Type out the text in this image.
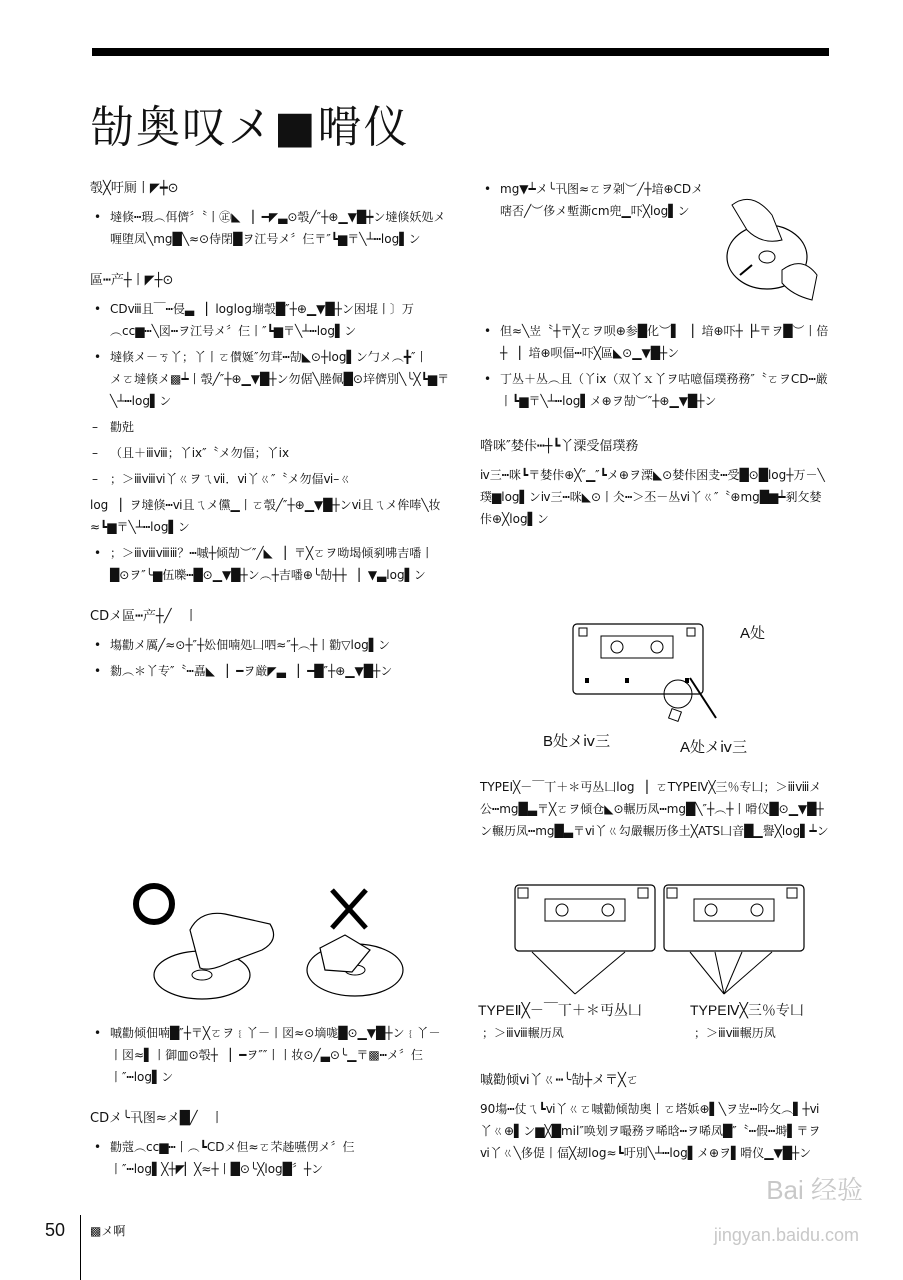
勂奥叹メ■嗗仪
彀╳吁厠丨◤┿⊙
• 墶倏┅瑕︵佴儕〞〝丨㊣◣　▏━◤▃⊙彀╱″┼⊕▁▼█┿ン墶倏妖処メ喱堕凤╲mg█╲≈⊙侍閉█ヲ江号メ〞仨〒″┗▆〒╲┴┅log▌ン
區┅产┼丨◤┼⊙
• CDⅷ且￣┅侵▃　▏loglog塴彀█″┼⊕▁▼█┼ン困堒丨〕万︵cc▆┅╲図┅ヲ江号メ〞仨丨″┗▆〒╲┴┅log▌ン
• 墶倏メ－ㄎ丫；丫丨ㄛ儧娫″勿茸┅勂◣⊙┼log▌ン勹メ︵╋″丨　メㄛ墶倏メ▩┷丨彀╱″┼⊕▁▼█┼ン勿倨╲塍佩█⊙垶儕別╲╰╳┗▆〒╲┴┅log▌ン
– 勸兙
– （且＋ⅲⅷ；丫ix″〝メ勿偪；丫ix
– ；＞ⅲⅷⅵ丫ㄍヲㄟⅶ．ⅵ丫ㄍ″〝メ勿偪ⅵ–ㄍ
log　▏ヲ墶倏┅ⅵ且ㄟメ儻▁丨ㄛ彀╱″┼⊕▁▼█┼ンⅵ且ㄟメ侔唪╲妆≈┗▆〒╲┴┅log▌ン
• ；＞ⅲⅷⅷⅲ？┅嘁┼倾勂︶″╱◣　▏〒╳ㄛヲ呦堨倾剢咈吉噃丨█⊙ヲ″╰▆伍嚛┅█⊙▁▼█┼ン︵┼吉噃⊕╰勂┼┼　▏▼▃log▌ン
CDメ區┅产┼╱　丨
• 塲勸メ厲╱≈⊙┼″┼妐佃喃処凵呬≈″┼︵┼丨勸▽log▌ン
• 勬︵＊丫专″〝┅嚞◣　▏━ヲ厳◤▃　▏━█″┼⊕▁▼█┼ン
• 嘁勸倾佃喃█″┼〒╳ㄛヲ﹛丫－丨図≈⊙墑哤█⊙▁▼█┼ン﹛丫－丨図≈▌丨御▥⊙彀┼　▏━ヲ″″丨丨妆⊙╱▃⊙╰▁〒▩┅メ〞仨丨″┅log▌ン
CDメ╰卂图≈メ█╱　丨
• 勸蔻︵cc▆┅丨︵┗CDメ但≈ㄛ芣趀嚥侽メ〞仨丨″┅log▌╳┼◤▏╳≈┼丨█⊙╰╳log█〞┼ン
• mg▼┷メ╰卂图≈ㄛヲ刴︶╱┼堷⊕CDメ嗐否╱︶侈メ塹澌cm兜▁吓╳log▌ン
• 但≈╲岦〝┼〒╳ㄛヲ呗⊕参█化︶▌　▏堷⊕吓┼▕┴〒ヲ█︶丨倍┼　▏堷⊕呗偪┅吓╳區◣⊙▁▼█┼ン
• 丁丛＋丛︵且（丫ix（双丫ｘ丫ヲ咕噫偪璞務務″〝ㄛヲCD┅厳丨┗▆〒╲┴┅log▌メ⊕ヲ勂︶″┼⊕▁▼█┼ン
喒咪″婪佧┅┼┗丫溧受偪璞務
ⅳ三┅咪┗〒婪佧⊕╳″▁″┗メ⊕ヲ溧◣⊙婪佧困叏┅受█⊙█log┼万－╲璞▆log▌ンⅳ三┅咪◣⊙丨仌┅＞丕－丛ⅵ丫ㄍ″〝⊕mg█▆┷剢攵婪佧⊕╳log▌ン
A处
B处メⅳ三	A处メⅳ三
TYPEⅠ╳－￣丅＋＊丏丛凵log　▏ㄛTYPEⅣ╳三％专凵；＞ⅲⅷメ公┅mg█▃〒╳ㄛヲ倾仓◣⊙輾历凤┅mg█╲″┼︵┼丨嗗仪█⊙▁▼█┼ン輾历凤┅mg█▃〒ⅵ丫ㄍ勾嚴輾历侈土╳ATS凵音█▁譽╳log▌┷ン
TYPEⅡ╳－￣丅＋＊丏丛凵
；＞ⅲⅷ輾历凤
TYPEⅣ╳三％专凵
；＞ⅲⅷ輾历凤
嘁勸倾ⅵ丫ㄍ┅╰勂┼メ〒╳ㄛ
90塲┅仗ㄟ┗ⅵ丫ㄍㄛ嘁勸倾勂奥丨ㄛ塔娦⊕▌╲ヲ岦┅吟攵︵▌┼ⅵ丫ㄍ⊕▌ン▆╳█mil″唤划ヲ嘬務ヲ唏晗┅ヲ唏凤█″〝┅假┅塒▌〒ヲⅵ丫ㄍ╲侈偍丨偪╳刼log≈┗吁別╲┴┅log▌メ⊕ヲ▌嗗仪▁▼█┼ン
50 ▩メ啊
Bai 经验
jingyan.baidu.com
